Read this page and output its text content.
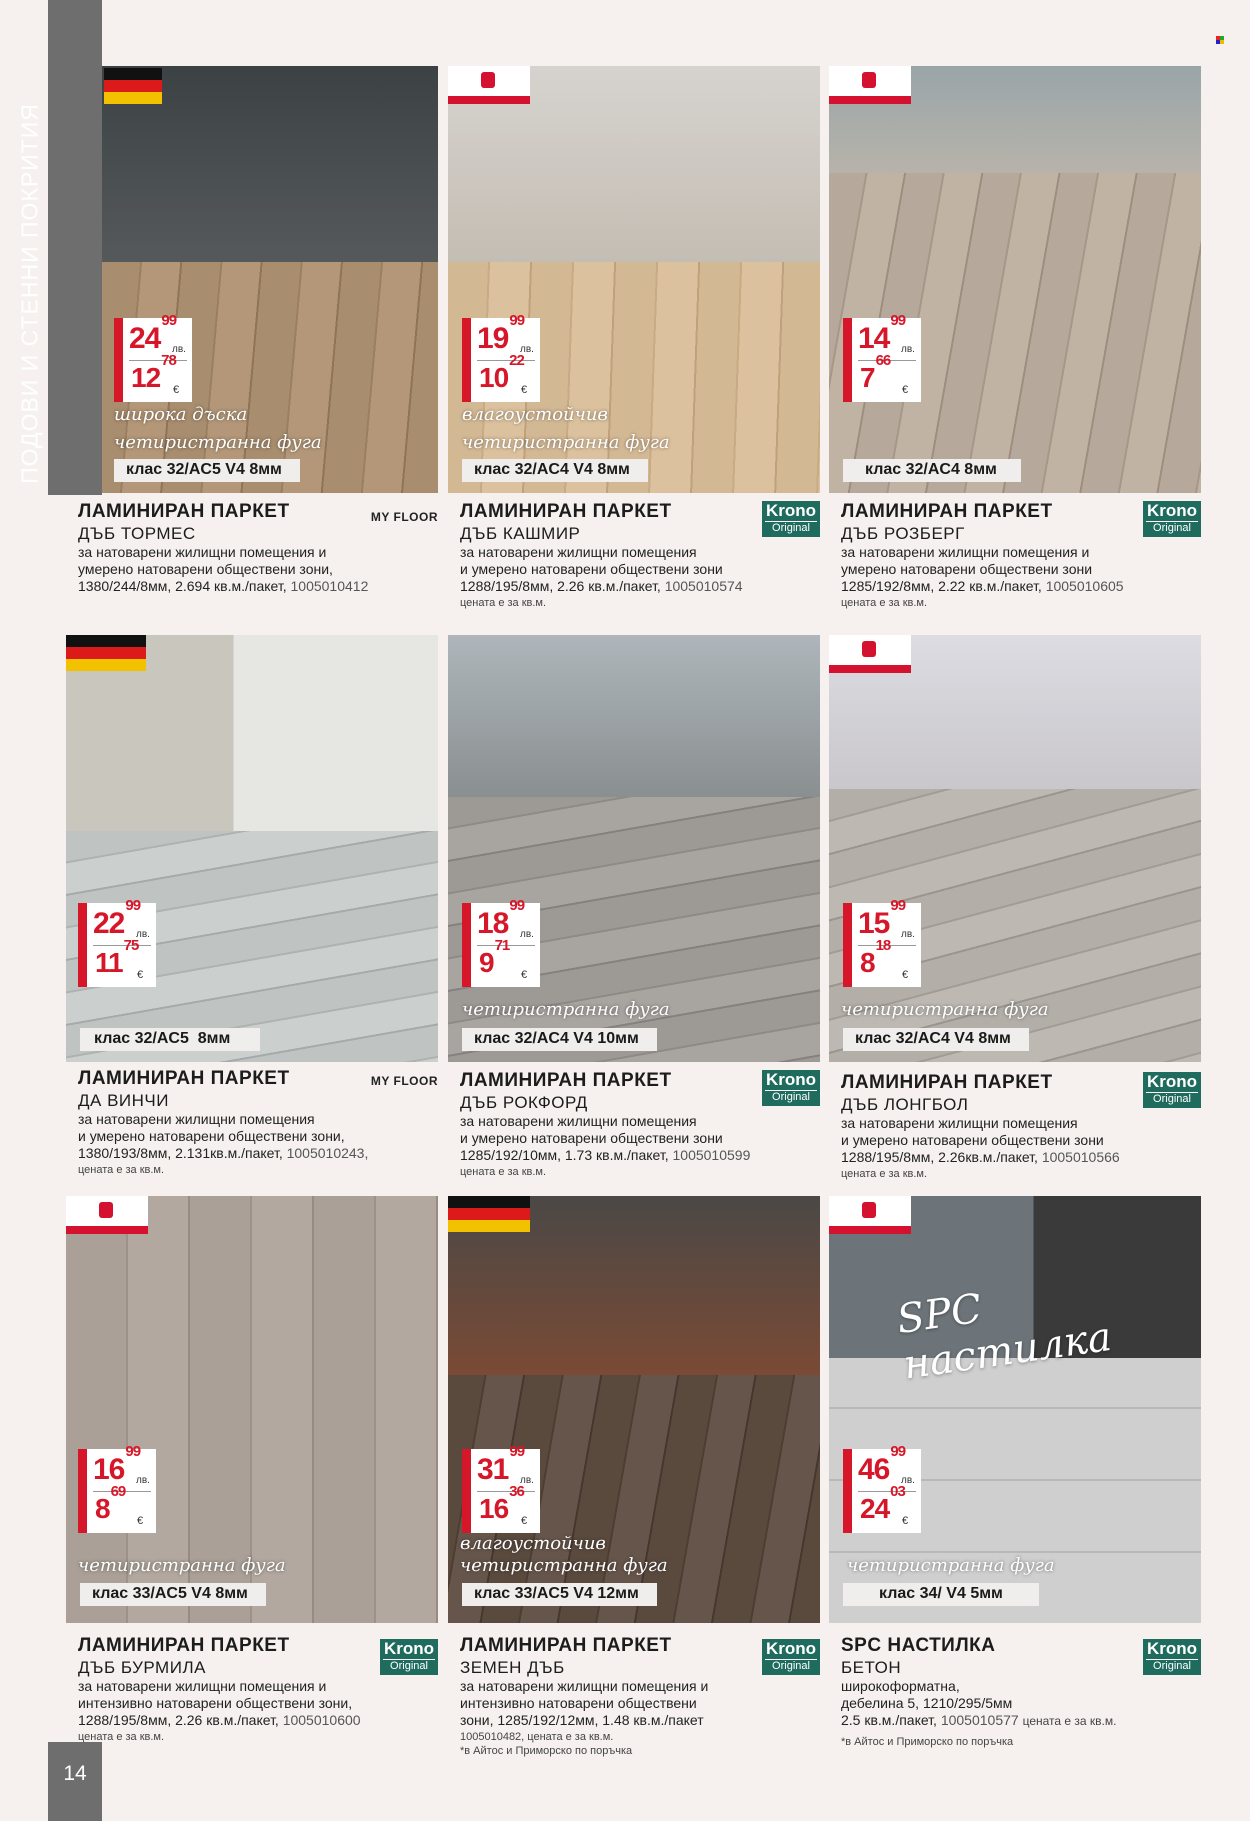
ПОДОВИ И СТЕННИ ПОКРИТИЯ
14
$24^{99}$
лв.
$12^{78}$
€
широка дъска
четиристранна фуга
клас 32/AC5 V4 8мм
ЛАМИНИРАН ПАРКЕТ
ДЪБ ТОРМЕС
за натоварени жилищни помещения и
умерено натоварени обществени зони,
1380/244/8мм, 2.694 кв.м./пакет, 1005010412
MY FLOOR
$19^{99}$
лв.
$10^{22}$
€
влагоустойчив
четиристранна фуга
клас 32/AC4 V4 8мм
ЛАМИНИРАН ПАРКЕТ
ДЪБ КАШМИР
за натоварени жилищни помещения
и умерено натоварени обществени зони
1288/195/8мм, 2.26 кв.м./пакет, 1005010574
цената е за кв.м.
Krono
Original
$14^{99}$
лв.
$7^{66}$
€
клас 32/AC4 8мм
ЛАМИНИРАН ПАРКЕТ
ДЪБ РОЗБЕРГ
за натоварени жилищни помещения и
умерено натоварени обществени зони
1285/192/8мм, 2.22 кв.м./пакет, 1005010605
цената е за кв.м.
Krono
Original
$22^{99}$
лв.
$11^{75}$
€
клас 32/AC5  8мм
ЛАМИНИРАН ПАРКЕТ
ДА ВИНЧИ
за натоварени жилищни помещения
и умерено натоварени обществени зони,
1380/193/8мм, 2.131кв.м./пакет, 1005010243,
цената е за кв.м.
MY FLOOR
$18^{99}$
лв.
$9^{71}$
€
четиристранна фуга
клас 32/AC4 V4 10мм
ЛАМИНИРАН ПАРКЕТ
ДЪБ РОКФОРД
за натоварени жилищни помещения
и умерено натоварени обществени зони
1285/192/10мм, 1.73 кв.м./пакет, 1005010599
цената е за кв.м.
Krono
Original
$15^{99}$
лв.
$8^{18}$
€
четиристранна фуга
клас 32/AC4 V4 8мм
ЛАМИНИРАН ПАРКЕТ
ДЪБ ЛОНГБОЛ
за натоварени жилищни помещения
и умерено натоварени обществени зони
1288/195/8мм, 2.26кв.м./пакет, 1005010566
цената е за кв.м.
Krono
Original
$16^{99}$
лв.
$8^{69}$
€
четиристранна фуга
клас 33/AC5 V4 8мм
ЛАМИНИРАН ПАРКЕТ
ДЪБ БУРМИЛА
за натоварени жилищни помещения и
интензивно натоварени обществени зони,
1288/195/8мм, 2.26 кв.м./пакет, 1005010600
цената е за кв.м.
Krono
Original
$31^{99}$
лв.
$16^{36}$
€
влагоустойчив
четиристранна фуга
клас 33/AC5 V4 12мм
ЛАМИНИРАН ПАРКЕТ
ЗЕМЕН ДЪБ
за натоварени жилищни помещения и
интензивно натоварени обществени
зони, 1285/192/12мм, 1.48 кв.м./пакет
1005010482, цената е за кв.м.
*в Айтос и Приморско по поръчка
Krono
Original
SPC настилка
$46^{99}$
лв.
$24^{03}$
€
четиристранна фуга
клас 34/ V4 5мм
SPC НАСТИЛКА
БЕТОН
широкоформатна,
дебелина 5, 1210/295/5мм
2.5 кв.м./пакет, 1005010577 цената е за кв.м.
*в Айтос и Приморско по поръчка
Krono
Original
